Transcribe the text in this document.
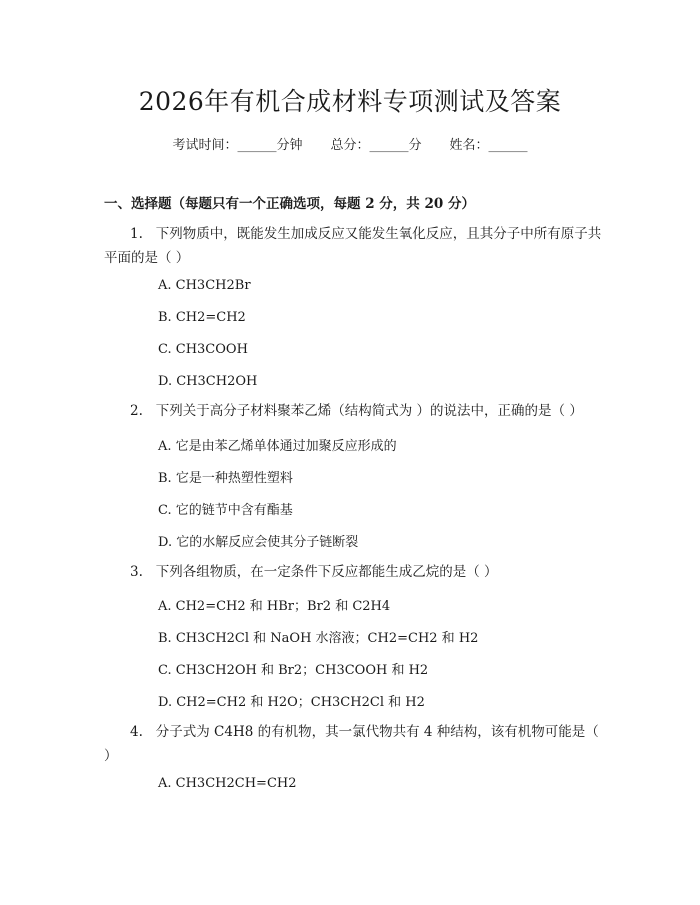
2026年有机合成材料专项测试及答案
考试时间：______分钟 总分：______分 姓名：______
一、选择题（每题只有一个正确选项，每题 2 分，共 20 分）
1. 下列物质中，既能发生加成反应又能发生氧化反应，且其分子中所有原子共平面的是（ ）
A. CH3CH2Br
B. CH2=CH2
C. CH3COOH
D. CH3CH2OH
2. 下列关于高分子材料聚苯乙烯（结构简式为 ）的说法中，正确的是（ ）
A. 它是由苯乙烯单体通过加聚反应形成的
B. 它是一种热塑性塑料
C. 它的链节中含有酯基
D. 它的水解反应会使其分子链断裂
3. 下列各组物质，在一定条件下反应都能生成乙烷的是（ ）
A. CH2=CH2 和 HBr；Br2 和 C2H4
B. CH3CH2Cl 和 NaOH 水溶液；CH2=CH2 和 H2
C. CH3CH2OH 和 Br2；CH3COOH 和 H2
D. CH2=CH2 和 H2O；CH3CH2Cl 和 H2
4. 分子式为 C4H8 的有机物，其一氯代物共有 4 种结构，该有机物可能是（ ）
A. CH3CH2CH=CH2
